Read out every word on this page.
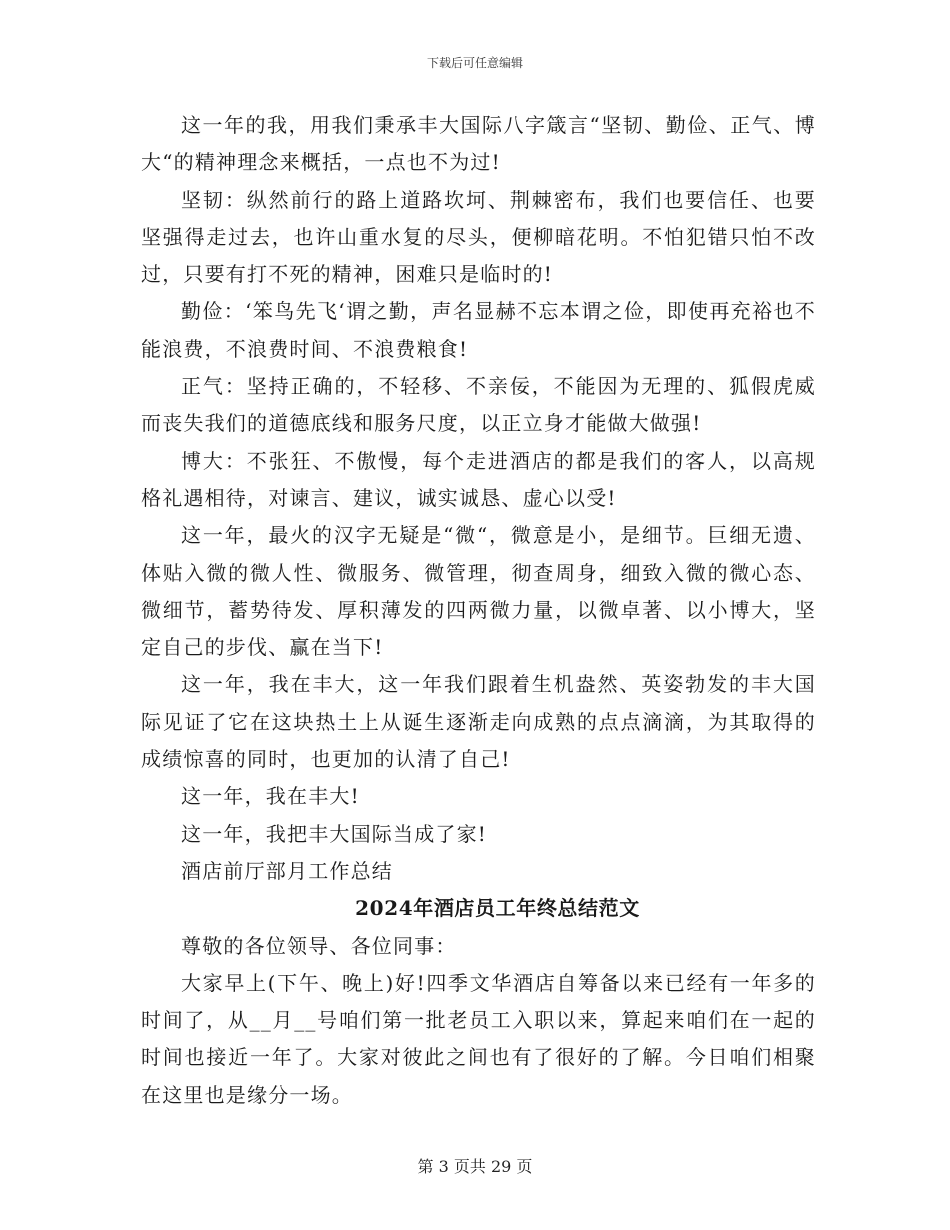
下载后可任意编辑

这一年的我，用我们秉承丰大国际八字箴言“坚韧、勤俭、正气、博大“的精神理念来概括，一点也不为过!

坚韧：纵然前行的路上道路坎坷、荆棘密布，我们也要信任、也要坚强得走过去，也许山重水复的尽头，便柳暗花明。不怕犯错只怕不改过，只要有打不死的精神，困难只是临时的!

勤俭：‘笨鸟先飞‘谓之勤，声名显赫不忘本谓之俭，即使再充裕也不能浪费，不浪费时间、不浪费粮食!

正气：坚持正确的，不轻移、不亲佞，不能因为无理的、狐假虎威而丧失我们的道德底线和服务尺度，以正立身才能做大做强!

博大：不张狂、不傲慢，每个走进酒店的都是我们的客人，以高规格礼遇相待，对谏言、建议，诚实诚恳、虚心以受!

这一年，最火的汉字无疑是“微“，微意是小，是细节。巨细无遗、体贴入微的微人性、微服务、微管理，彻查周身，细致入微的微心态、微细节，蓄势待发、厚积薄发的四两微力量，以微卓著、以小博大，坚定自己的步伐、赢在当下!

这一年，我在丰大，这一年我们跟着生机盎然、英姿勃发的丰大国际见证了它在这块热土上从诞生逐渐走向成熟的点点滴滴，为其取得的成绩惊喜的同时，也更加的认清了自己!

这一年，我在丰大!

这一年，我把丰大国际当成了家!

酒店前厅部月工作总结

2024年酒店员工年终总结范文

尊敬的各位领导、各位同事：

大家早上(下午、晚上)好!四季文华酒店自筹备以来已经有一年多的时间了，从__月__号咱们第一批老员工入职以来，算起来咱们在一起的时间也接近一年了。大家对彼此之间也有了很好的了解。今日咱们相聚在这里也是缘分一场。

第 3 页共 29 页
